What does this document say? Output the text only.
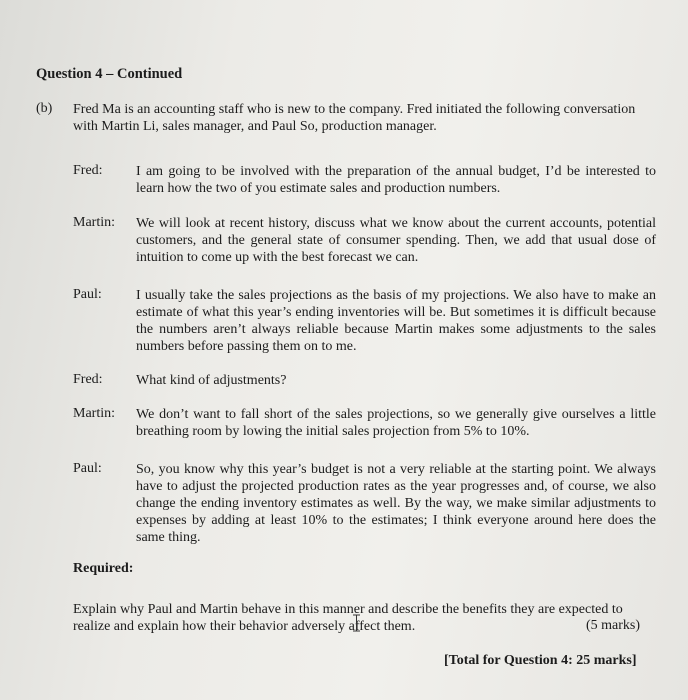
Question 4 – Continued
(b) Fred Ma is an accounting staff who is new to the company. Fred initiated the following conversation with Martin Li, sales manager, and Paul So, production manager.
Fred: I am going to be involved with the preparation of the annual budget, I’d be interested to learn how the two of you estimate sales and production numbers.
Martin: We will look at recent history, discuss what we know about the current accounts, potential customers, and the general state of consumer spending. Then, we add that usual dose of intuition to come up with the best forecast we can.
Paul: I usually take the sales projections as the basis of my projections. We also have to make an estimate of what this year’s ending inventories will be. But sometimes it is difficult because the numbers aren’t always reliable because Martin makes some adjustments to the sales numbers before passing them on to me.
Fred: What kind of adjustments?
Martin: We don’t want to fall short of the sales projections, so we generally give ourselves a little breathing room by lowing the initial sales projection from 5% to 10%.
Paul: So, you know why this year’s budget is not a very reliable at the starting point. We always have to adjust the projected production rates as the year progresses and, of course, we also change the ending inventory estimates as well. By the way, we make similar adjustments to expenses by adding at least 10% to the estimates; I think everyone around here does the same thing.
Required:
Explain why Paul and Martin behave in this manner and describe the benefits they are expected to realize and explain how their behavior adversely affect them.	(5 marks)
[Total for Question 4: 25 marks]
